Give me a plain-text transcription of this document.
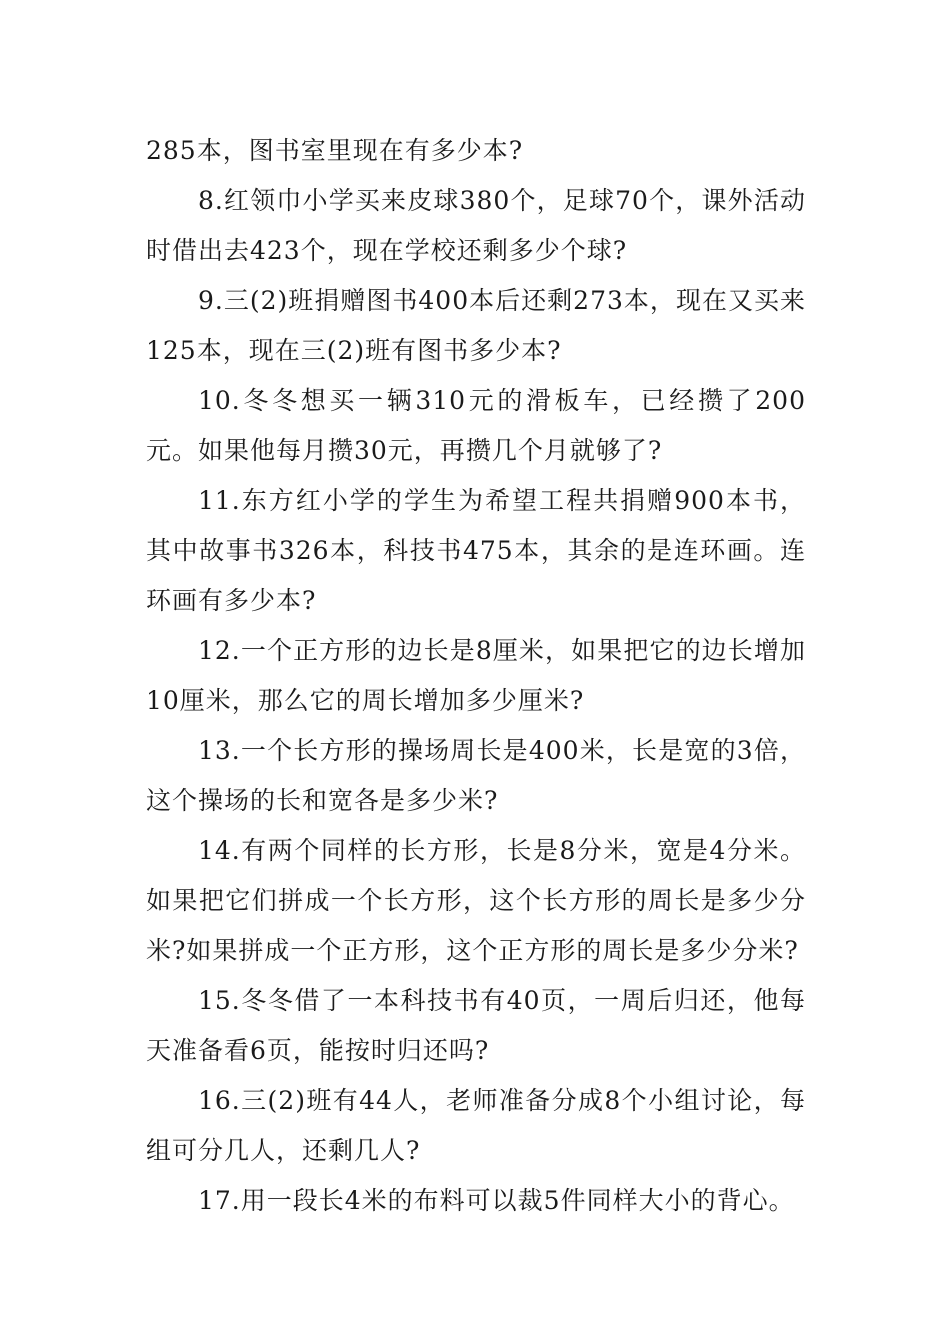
285本，图书室里现在有多少本?

8.红领巾小学买来皮球380个，足球70个，课外活动时借出去423个，现在学校还剩多少个球?

9.三(2)班捐赠图书400本后还剩273本，现在又买来125本，现在三(2)班有图书多少本?

10.冬冬想买一辆310元的滑板车，已经攒了200元。如果他每月攒30元，再攒几个月就够了?

11.东方红小学的学生为希望工程共捐赠900本书，其中故事书326本，科技书475本，其余的是连环画。连环画有多少本?

12.一个正方形的边长是8厘米，如果把它的边长增加10厘米，那么它的周长增加多少厘米?

13.一个长方形的操场周长是400米，长是宽的3倍，这个操场的长和宽各是多少米?

14.有两个同样的长方形，长是8分米，宽是4分米。如果把它们拼成一个长方形，这个长方形的周长是多少分米?如果拼成一个正方形，这个正方形的周长是多少分米?

15.冬冬借了一本科技书有40页，一周后归还，他每天准备看6页，能按时归还吗?

16.三(2)班有44人，老师准备分成8个小组讨论，每组可分几人，还剩几人?

17.用一段长4米的布料可以裁5件同样大小的背心。
